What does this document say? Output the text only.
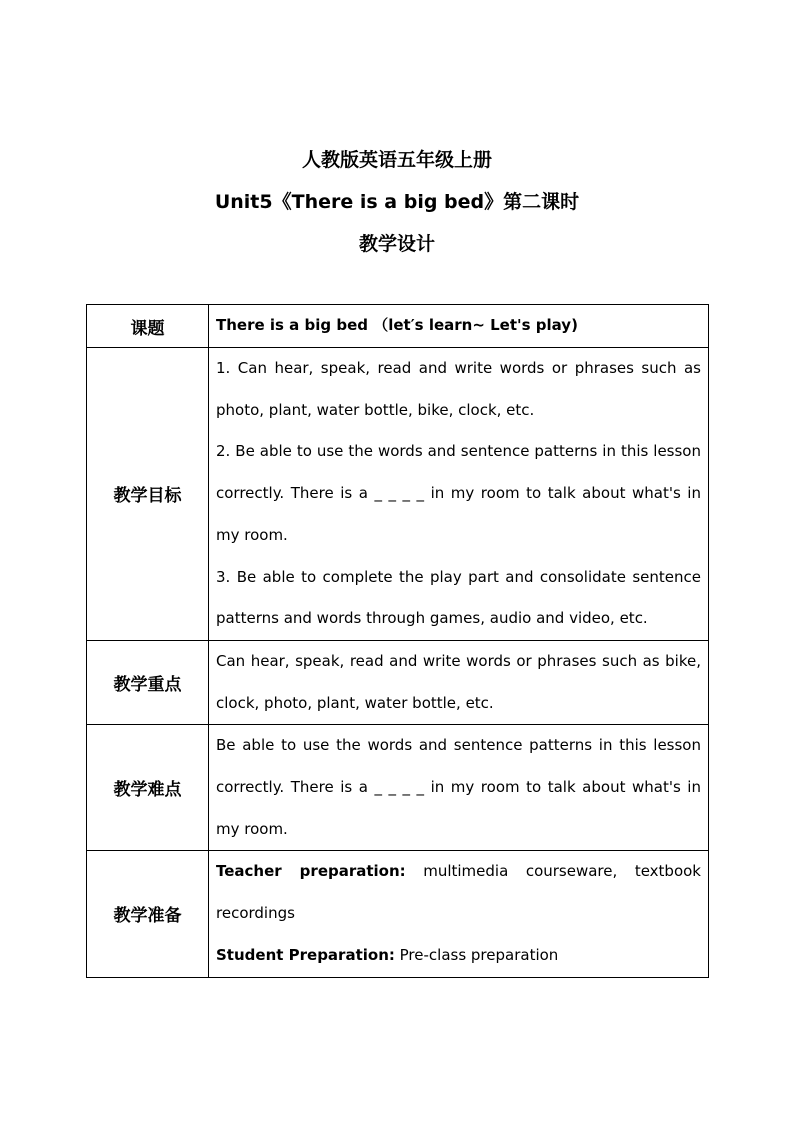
人教版英语五年级上册
Unit5《There is a big bed》第二课时
教学设计
课题	There is a big bed （let′s learn~ Let's play)
教学目标	1. Can hear, speak, read and write words or phrases such as photo, plant, water bottle, bike, clock, etc.
2. Be able to use the words and sentence patterns in this lesson correctly. There is a _ _ _ _ in my room to talk about what's in my room.
3. Be able to complete the play part and consolidate sentence patterns and words through games, audio and video, etc.

教学重点	Can hear, speak, read and write words or phrases such as bike, clock, photo, plant, water bottle, etc.
教学难点	Be able to use the words and sentence patterns in this lesson correctly. There is a _ _ _ _ in my room to talk about what's in my room.
教学准备	Teacher preparation: multimedia courseware, textbook recordings
Student Preparation: Pre-class preparation
